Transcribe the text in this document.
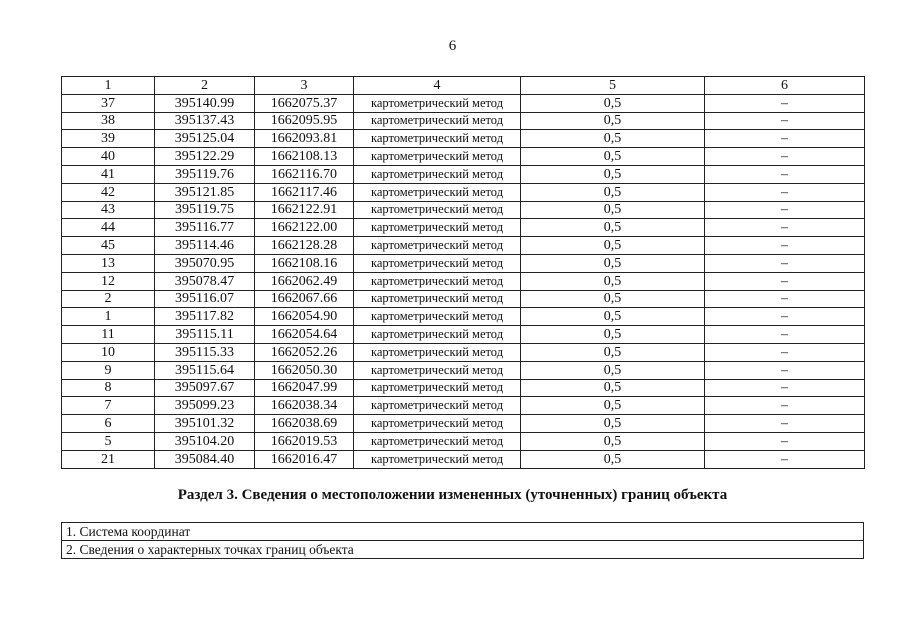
6
1	2	3	4	5	6
37	395140.99	1662075.37	картометрический метод	0,5	–
38	395137.43	1662095.95	картометрический метод	0,5	–
39	395125.04	1662093.81	картометрический метод	0,5	–
40	395122.29	1662108.13	картометрический метод	0,5	–
41	395119.76	1662116.70	картометрический метод	0,5	–
42	395121.85	1662117.46	картометрический метод	0,5	–
43	395119.75	1662122.91	картометрический метод	0,5	–
44	395116.77	1662122.00	картометрический метод	0,5	–
45	395114.46	1662128.28	картометрический метод	0,5	–
13	395070.95	1662108.16	картометрический метод	0,5	–
12	395078.47	1662062.49	картометрический метод	0,5	–
2	395116.07	1662067.66	картометрический метод	0,5	–
1	395117.82	1662054.90	картометрический метод	0,5	–
11	395115.11	1662054.64	картометрический метод	0,5	–
10	395115.33	1662052.26	картометрический метод	0,5	–
9	395115.64	1662050.30	картометрический метод	0,5	–
8	395097.67	1662047.99	картометрический метод	0,5	–
7	395099.23	1662038.34	картометрический метод	0,5	–
6	395101.32	1662038.69	картометрический метод	0,5	–
5	395104.20	1662019.53	картометрический метод	0,5	–
21	395084.40	1662016.47	картометрический метод	0,5	–
Раздел 3. Сведения о местоположении измененных (уточненных) границ объекта
1. Система координат
2. Сведения о характерных точках границ объекта
